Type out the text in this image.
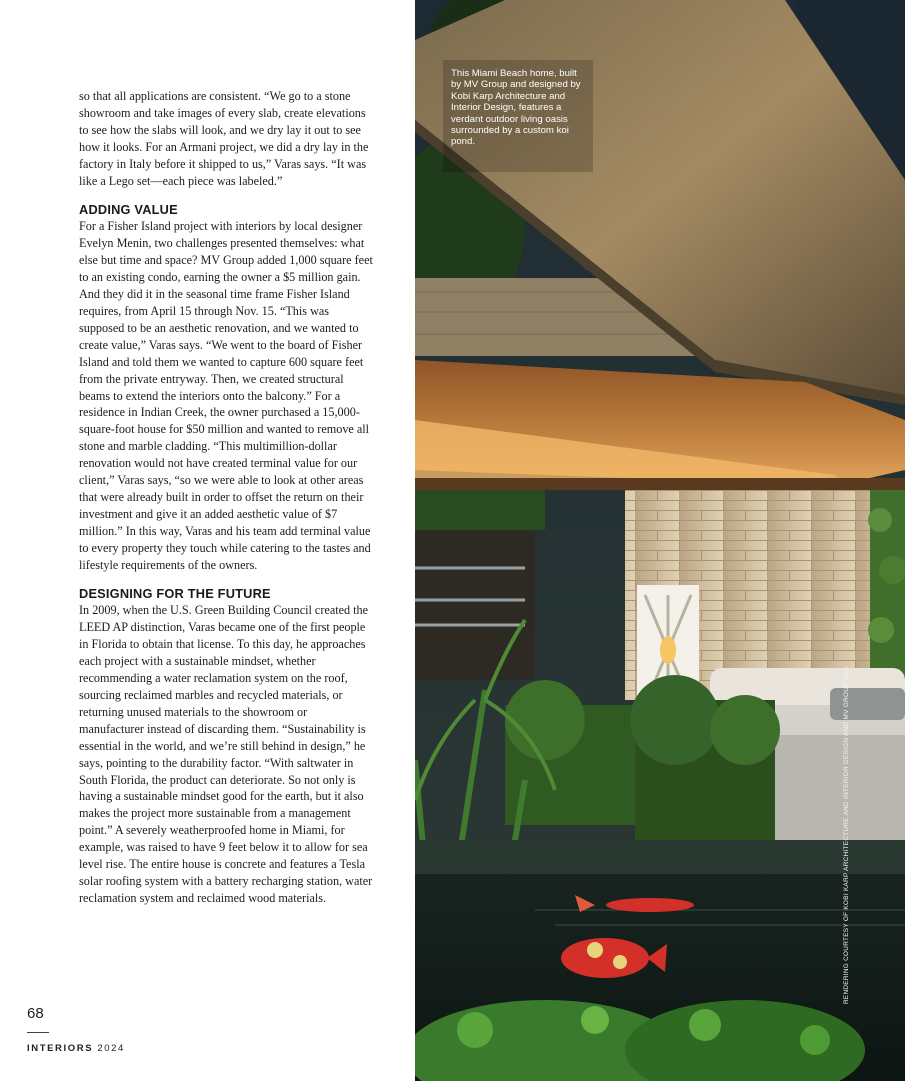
so that all applications are consistent. “We go to a stone showroom and take images of every slab, create elevations to see how the slabs will look, and we dry lay it out to see how it looks. For an Armani project, we did a dry lay in the factory in Italy before it shipped to us,” Varas says. “It was like a Lego set—each piece was labeled.”

ADDING VALUE

For a Fisher Island project with interiors by local designer Evelyn Menin, two challenges presented themselves: what else but time and space? MV Group added 1,000 square feet to an existing condo, earning the owner a $5 million gain. And they did it in the seasonal time frame Fisher Island requires, from April 15 through Nov. 15. “This was supposed to be an aesthetic renovation, and we wanted to create value,” Varas says. “We went to the board of Fisher Island and told them we wanted to capture 600 square feet from the private entryway. Then, we created structural beams to extend the interiors onto the balcony.” For a residence in Indian Creek, the owner purchased a 15,000-square-foot house for $50 million and wanted to remove all stone and marble cladding. “This multimillion-dollar renovation would not have created terminal value for our client,” Varas says, “so we were able to look at other areas that were already built in order to offset the return on their investment and give it an added aesthetic value of $7 million.” In this way, Varas and his team add terminal value to every property they touch while catering to the tastes and lifestyle requirements of the owners.

DESIGNING FOR THE FUTURE

In 2009, when the U.S. Green Building Council created the LEED AP distinction, Varas became one of the first people in Florida to obtain that license. To this day, he approaches each project with a sustainable mindset, whether recommending a water reclamation system on the roof, sourcing reclaimed marbles and recycled materials, or returning unused materials to the showroom or manufacturer instead of discarding them. “Sustainability is essential in the world, and we’re still behind in design,” he says, pointing to the durability factor. “With saltwater in South Florida, the product can deteriorate. So not only is having a sustainable mindset good for the earth, but it also makes the project more sustainable from a management point.” A severely weatherproofed home in Miami, for example, was raised to have 9 feet below it to allow for sea level rise. The entire house is concrete and features a Tesla solar roofing system with a battery recharging station, water reclamation system and reclaimed wood materials.

68
INTERIORS 2024
This Miami Beach home, built by MV Group and designed by Kobi Karp Architecture and Interior Design, features a verdant outdoor living oasis surrounded by a custom koi pond.
RENDERING COURTESY OF KOBI KARP ARCHITECTURE AND INTERIOR DESIGN AND MV GROUP USA
